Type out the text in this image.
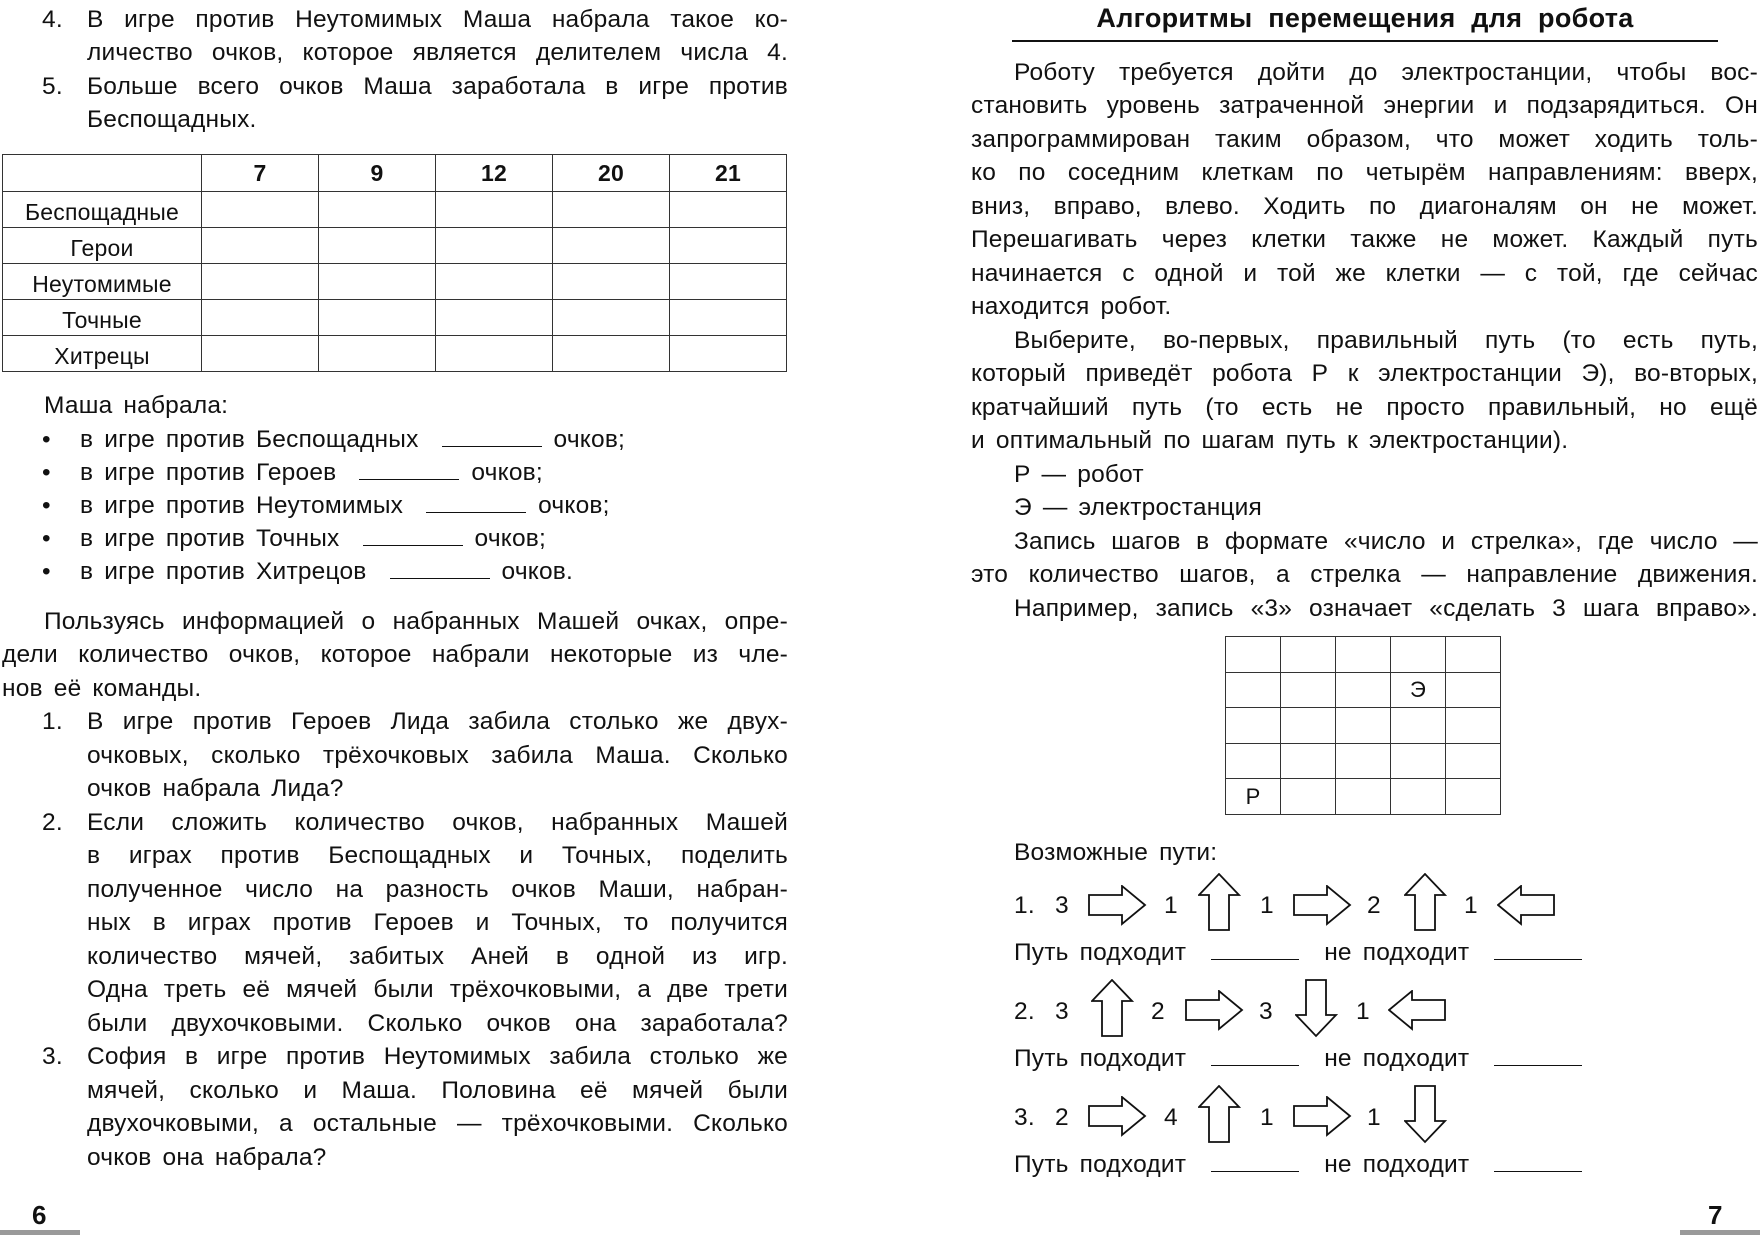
4. В игре против Неутомимых Маша набрала такое ко-
личество очков, которое является делителем числа 4.
5. Больше всего очков Маша заработала в игре против
Беспощадных.
	7	9	12	20	21
Беспощадные					
Герои					
Неутомимые					
Точные					
Хитрецы					
Маша набрала:
• в игре против Беспощадных	очков;
• в игре против Героев	очков;
• в игре против Неутомимых	очков;
• в игре против Точных	очков;
• в игре против Хитрецов	очков.
Пользуясь информацией о набранных Машей очках, опре-
дели количество очков, которое набрали некоторые из чле-
нов её команды.
1. В игре против Героев Лида забила столько же двух-
очковых, сколько трёхочковых забила Маша. Сколько
очков набрала Лида?
2. Если сложить количество очков, набранных Машей
в играх против Беспощадных и Точных, поделить
полученное число на разность очков Маши, набран-
ных в играх против Героев и Точных, то получится
количество мячей, забитых Аней в одной из игр.
Одна треть её мячей были трёхочковыми, а две трети
были двухочковыми. Сколько очков она заработала?
3. София в игре против Неутомимых забила столько же
мячей, сколько и Маша. Половина её мячей были
двухочковыми, а остальные — трёхочковыми. Сколько
очков она набрала?
6
Алгоритмы перемещения для робота
Роботу требуется дойти до электростанции, чтобы вос-
становить уровень затраченной энергии и подзарядиться. Он
запрограммирован таким образом, что может ходить толь-
ко по соседним клеткам по четырём направлениям: вверх,
вниз, вправо, влево. Ходить по диагоналям он не может.
Перешагивать через клетки также не может. Каждый путь
начинается с одной и той же клетки — с той, где сейчас
находится робот.
Выберите, во-первых, правильный путь (то есть путь,
который приведёт робота Р к электростанции Э), во-вторых,
кратчайший путь (то есть не просто правильный, но ещё
и оптимальный по шагам путь к электростанции).
Р — робот
Э — электростанция
Запись шагов в формате «число и стрелка», где число —
это количество шагов, а стрелка — направление движения.
Например, запись «3» означает «сделать 3 шага вправо».

			Э	

Р				
Возможные пути:
1. 3	1	1	2	1
Путь подходит	не подходит
2. 3	2	3	1
Путь подходит	не подходит
3. 2	4	1	1
Путь подходит	не подходит
7
